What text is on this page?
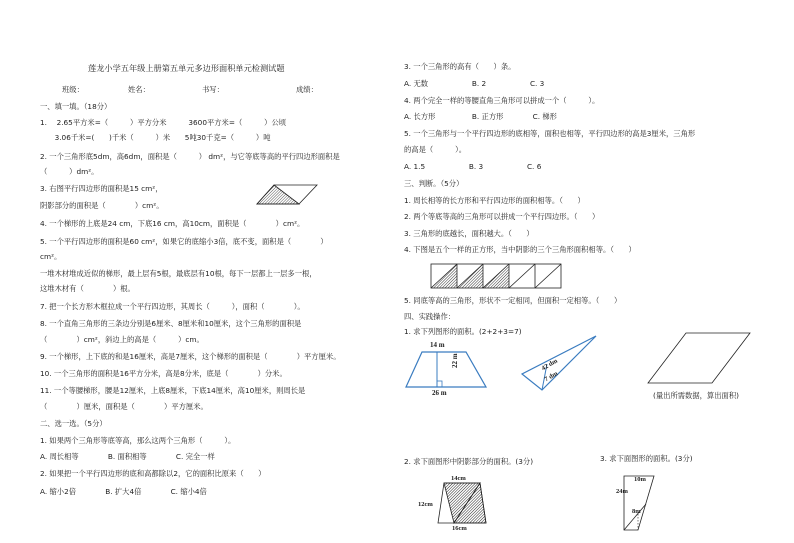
莲龙小学五年级上册第五单元多边形面积单元检测试题
班级：	姓名：	书写：	成绩：
一、填一填。（18分）
1.　 2.65平方米=（　　　）平方分米　　　3600平方米=（　　　）公顷
　　3.06千米=(　　)千米（　　　）米　　5吨30千克=（　　　）吨
2. 一个三角形底5dm，高6dm，面积是（　　　） dm²，与它等底等高的平行四边形面积是
（　　　）dm²。
3. 右图平行四边形的面积是15 cm²，
阴影部分的面积是（　　　　）cm²。
4. 一个梯形的上底是24 cm，下底16 cm，高10cm，面积是（　　　　）cm²。
5. 一个平行四边形的面积是60 cm²，如果它的底缩小3倍，底不变，面积是（　　　　）
cm²。
一堆木材堆成近似的梯形，最上层有5根，最底层有10根，每下一层都上一层多一根，
这堆木材有（　　　　）根。
7. 把一个长方形木框拉成一个平行四边形，其周长（　　　），面积（　　　　）。
8. 一个直角三角形的三条边分别是6厘米、8厘米和10厘米，这个三角形的面积是
（　　　　）cm²，斜边上的高是（　　　）cm。
9. 一个梯形，上下底的和是16厘米，高是7厘米，这个梯形的面积是（　　　　）平方厘米。
10. 一个三角形的面积是16平方分米，高是8分米，底是（　　　　）分米。
11. 一个等腰梯形，腰是12厘米，上底8厘米，下底14厘米，高10厘米，则周长是
（　　　　）厘米，面积是（　　　　）平方厘米。
二、选一选。（5分）
1. 如果两个三角形等底等高，那么这两个三角形（　　　）。
A. 周长相等　　　　B. 面积相等　　　　C. 完全一样
2. 如果把一个平行四边形的底和高都除以2，它的面积比原来（　　）
A. 缩小2倍　　　　B. 扩大4倍　　　　C. 缩小4倍
3. 一个三角形的高有（　　）条。
A. 无数　　　　　　B. 2　　　　　　C. 3
4. 两个完全一样的等腰直角三角形可以拼成一个（　　　）。
A. 长方形　　　　　B. 正方形　　　　C. 梯形
5. 一个三角形与一个平行四边形的底相等，面积也相等，平行四边形的高是3厘米，三角形
的高是（　　　）。
A. 1.5　　　　　　B. 3　　　　　　C. 6
三、判断。（5分）
1. 周长相等的长方形和平行四边形的面积相等。（　　）
2. 两个等底等高的三角形可以拼成一个平行四边形。（　　）
3. 三角形的底越长，面积越大。（　　）
4. 下图是五个一样的正方形，当中阴影的三个三角形面积相等。（　　）
5. 同底等高的三角形，形状不一定相同，但面积一定相等。（　　）
四、实践操作：
1. 求下列图形的面积。(2+2+3=7)
14 m
22 m
26 m
42 dm
7 dm
(量出所需数据，算出面积)
2. 求下面图形中阴影部分的面积。(3分)	3. 求下面图形的面积。(3分)
14cm
12cm
16cm
10m
24m
8m
